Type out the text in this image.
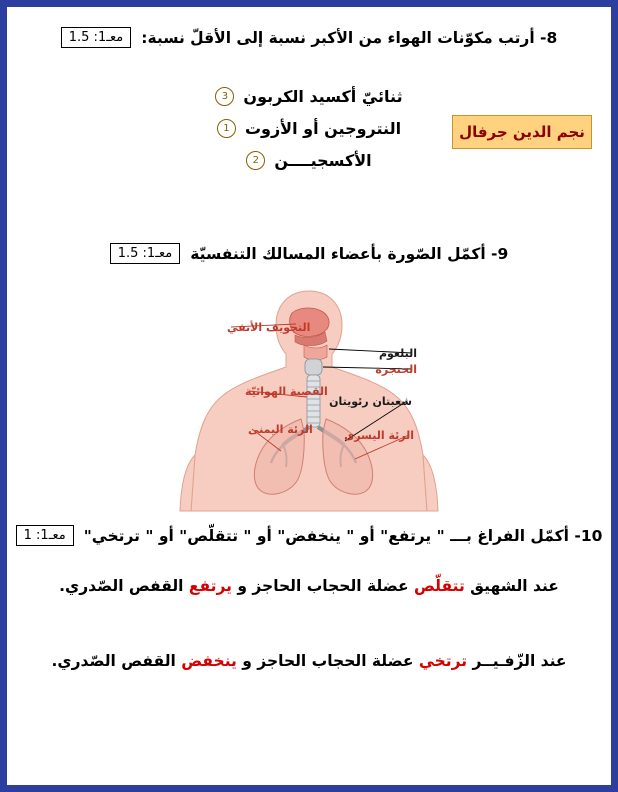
8- أرتب مكوّنات الهواء من الأكبر نسبة إلى الأقلّ نسبة:
معـ1: 1.5
ثنائيّ أكسيد الكربون
3
النتروجين أو الأزوت
1
الأكسجيــــن
2
نجم الدين جرفال
9- أكمّل الصّورة بأعضاء المسالك التنفسيّة
معـ1: 1.5
التجويف الأنفي
البلعوم
الحنجرة
القصبة الهوائيّة
شعبتان رئويتان
الرئة اليمنى	الرئة اليسرى
10- أكمّل الفراغ بـــ " يرتفع" أو " ينخفض" أو " تتقلّص" أو " ترتخي"
معـ1: 1
عند الشهيق تتقلّص عضلة الحجاب الحاجز و يرتفع القفص الصّدري.
عند الزّفـيــر ترتخي عضلة الحجاب الحاجز و ينخفض القفص الصّدري.
